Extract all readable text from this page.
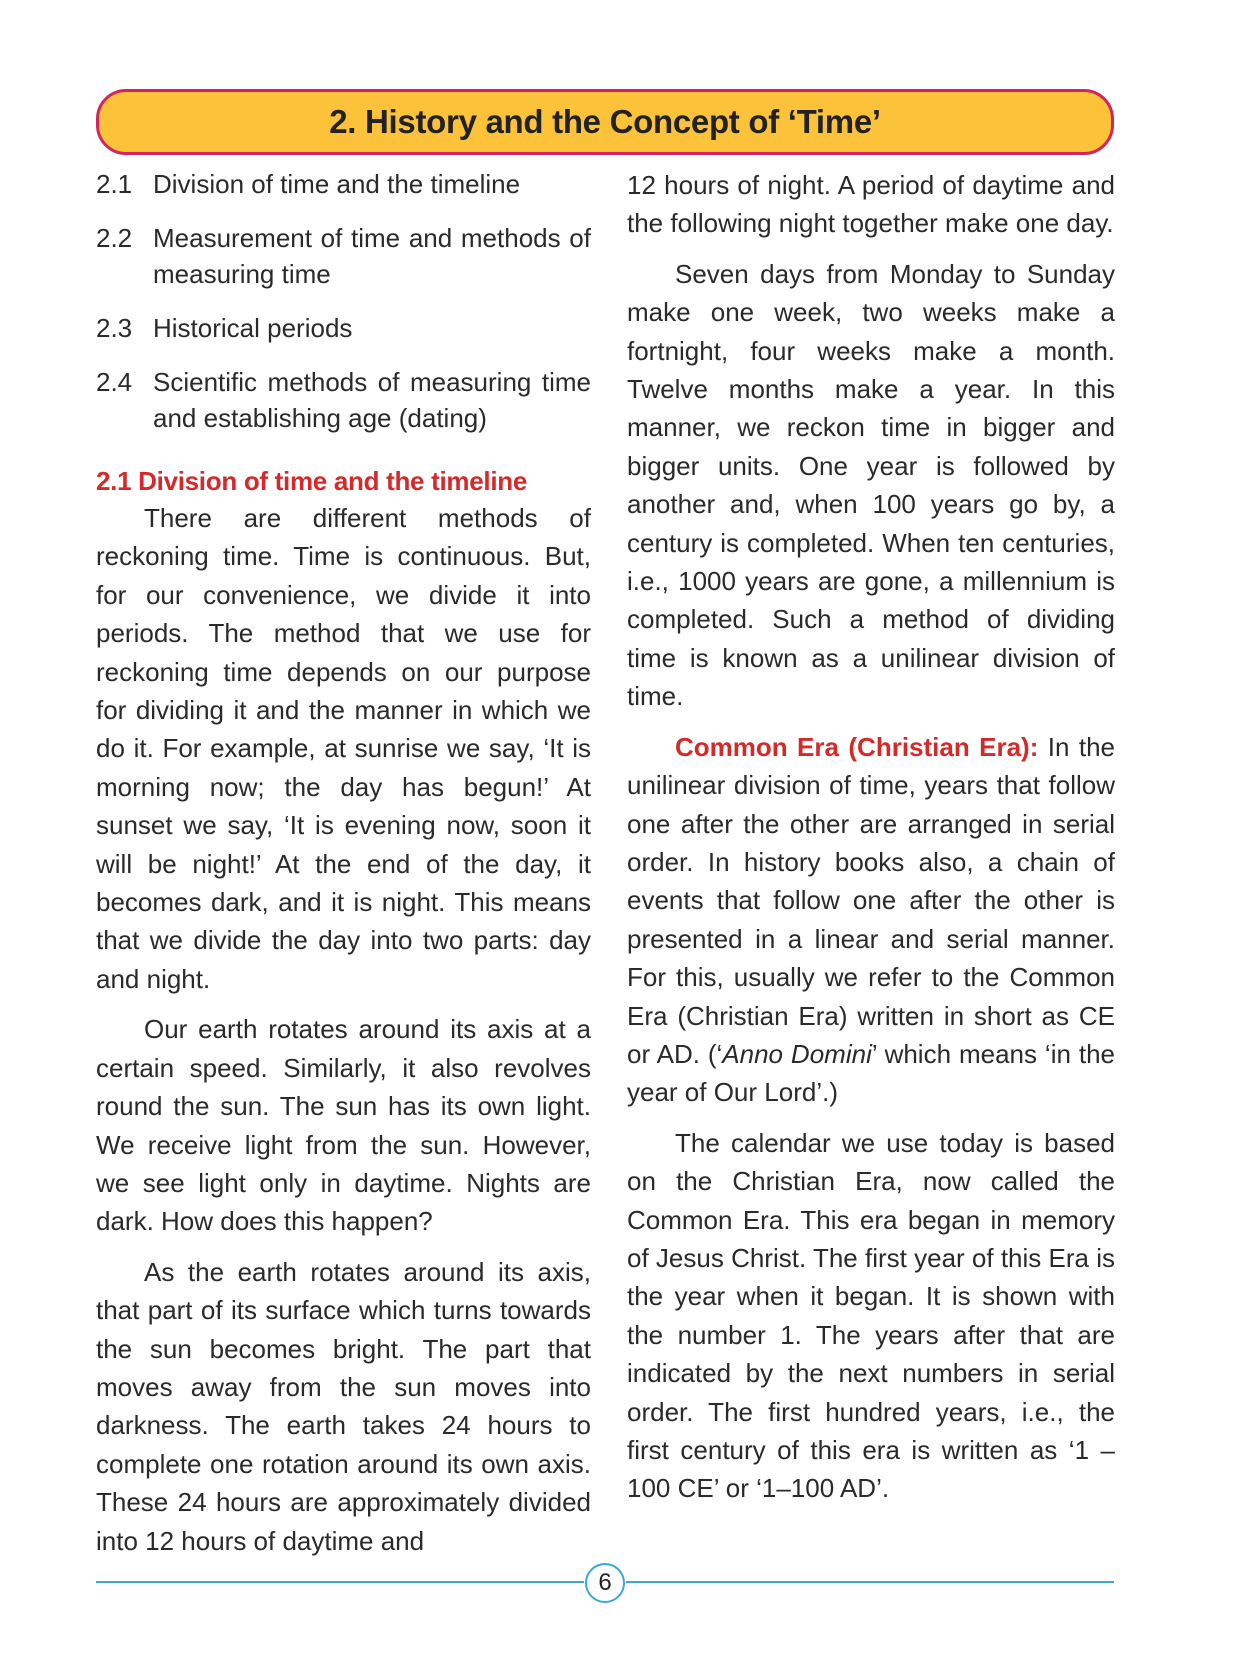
2. History and the Concept of ‘Time’
2.1 Division of time and the timeline
2.2 Measurement of time and methods of measuring time
2.3 Historical periods
2.4 Scientific methods of measuring time and establishing age (dating)
2.1 Division of time and the timeline

There are different methods of reckoning time. Time is continuous. But, for our convenience, we divide it into periods. The method that we use for reckoning time depends on our purpose for dividing it and the manner in which we do it. For example, at sunrise we say, ‘It is morning now; the day has begun!’ At sunset we say, ‘It is evening now, soon it will be night!’ At the end of the day, it becomes dark, and it is night. This means that we divide the day into two parts: day and night.

Our earth rotates around its axis at a certain speed. Similarly, it also revolves round the sun. The sun has its own light. We receive light from the sun. However, we see light only in daytime. Nights are dark. How does this happen?

As the earth rotates around its axis, that part of its surface which turns towards the sun becomes bright. The part that moves away from the sun moves into darkness. The earth takes 24 hours to complete one rotation around its own axis. These 24 hours are approximately divided into 12 hours of daytime and

12 hours of night. A period of daytime and the following night together make one day.

Seven days from Monday to Sunday make one week, two weeks make a fortnight, four weeks make a month. Twelve months make a year. In this manner, we reckon time in bigger and bigger units. One year is followed by another and, when 100 years go by, a century is completed. When ten centuries, i.e., 1000 years are gone, a millennium is completed. Such a method of dividing time is known as a unilinear division of time.

Common Era (Christian Era): In the unilinear division of time, years that follow one after the other are arranged in serial order. In history books also, a chain of events that follow one after the other is presented in a linear and serial manner. For this, usually we refer to the Common Era (Christian Era) written in short as CE or AD. (‘Anno Domini’ which means ‘in the year of Our Lord’.)

The calendar we use today is based on the Christian Era, now called the Common Era. This era began in memory of Jesus Christ. The first year of this Era is the year when it began. It is shown with the number 1. The years after that are indicated by the next numbers in serial order. The first hundred years, i.e., the first century of this era is written as ‘1 – 100 CE’ or ‘1–100 AD’.

6
